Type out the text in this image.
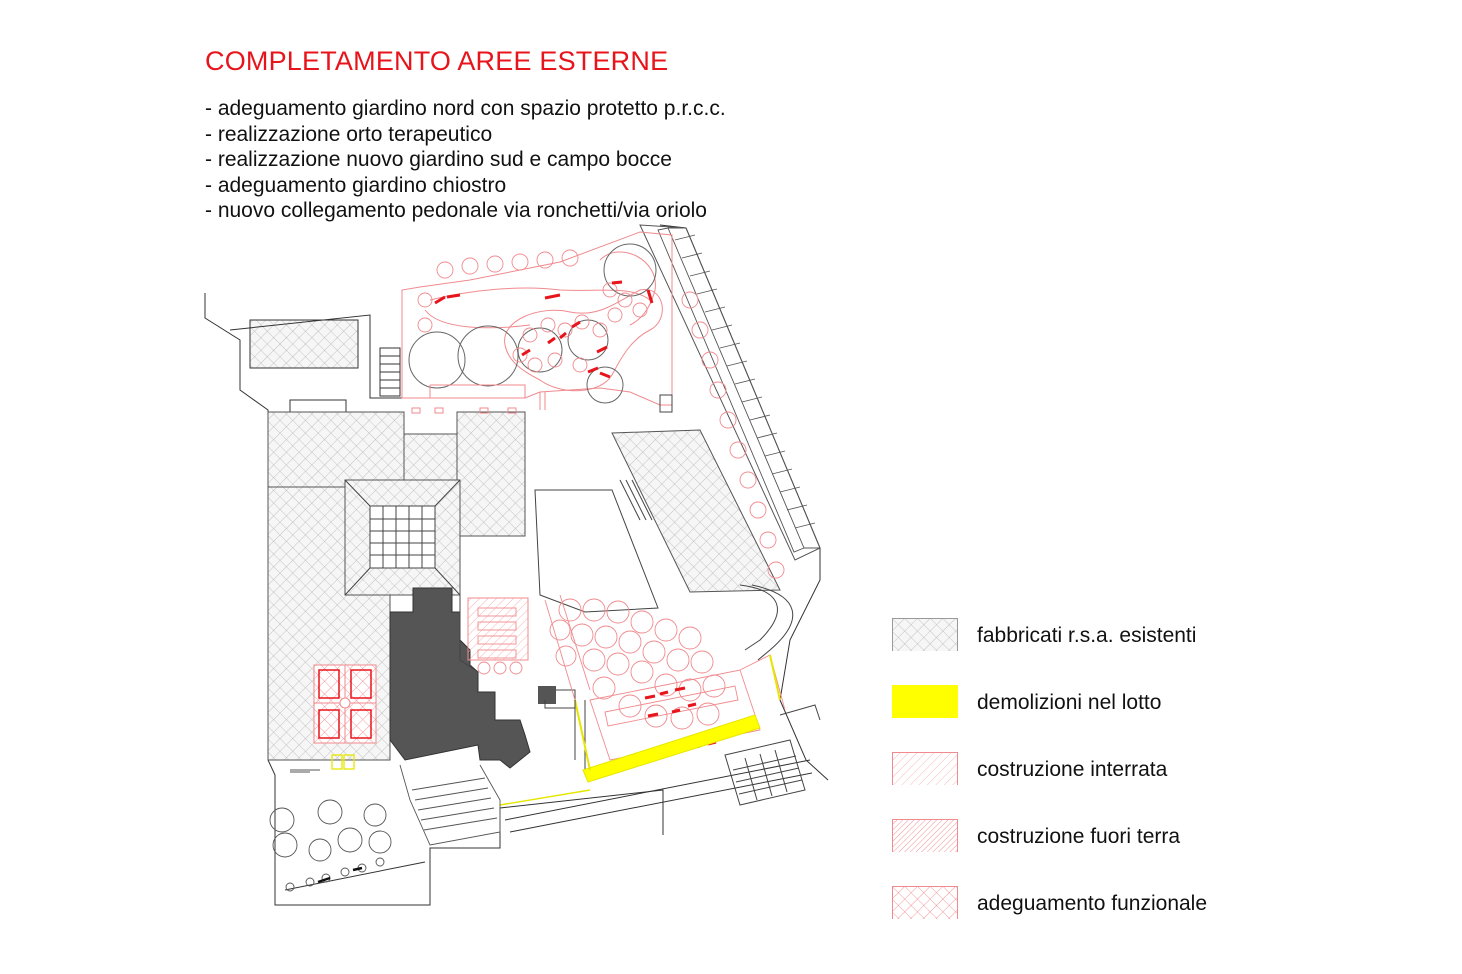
COMPLETAMENTO AREE ESTERNE
- adeguamento giardino nord con spazio protetto p.r.c.c.
- realizzazione orto terapeutico
- realizzazione nuovo giardino sud e campo bocce
- adeguamento giardino chiostro
- nuovo collegamento pedonale via ronchetti/via oriolo
fabbricati r.s.a. esistenti
demolizioni nel lotto
costruzione interrata
costruzione fuori terra
adeguamento funzionale
